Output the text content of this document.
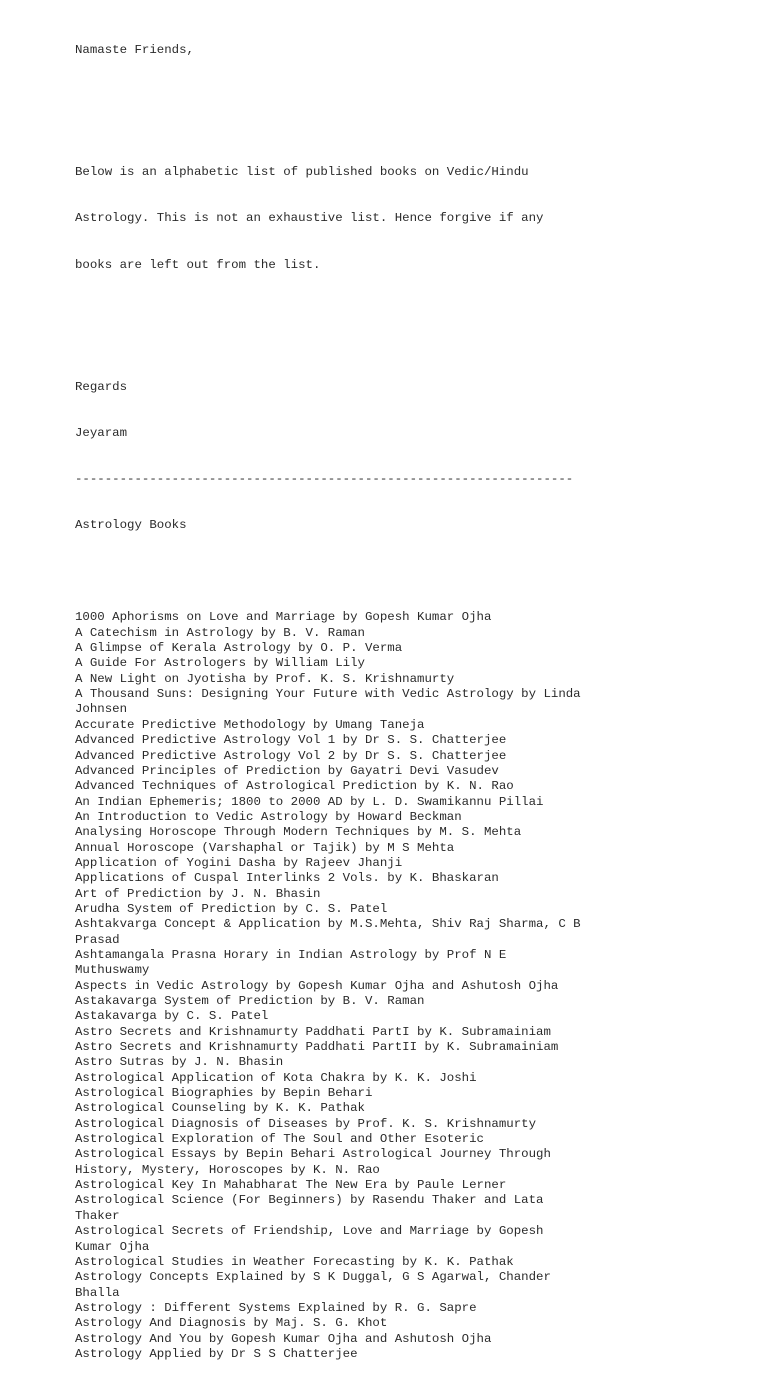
Namaste Friends,

Below is an alphabetic list of published books on Vedic/Hindu

Astrology. This is not an exhaustive list. Hence forgive if any

books are left out from the list.

Regards

Jeyaram

-------------------------------------------------------------------

Astrology Books

1000 Aphorisms on Love and Marriage by Gopesh Kumar Ojha
A Catechism in Astrology by B. V. Raman
A Glimpse of Kerala Astrology by O. P. Verma
A Guide For Astrologers by William Lily
A New Light on Jyotisha by Prof. K. S. Krishnamurty
A Thousand Suns: Designing Your Future with Vedic Astrology by Linda
Johnsen
Accurate Predictive Methodology by Umang Taneja
Advanced Predictive Astrology Vol 1 by Dr S. S. Chatterjee
Advanced Predictive Astrology Vol 2 by Dr S. S. Chatterjee
Advanced Principles of Prediction by Gayatri Devi Vasudev
Advanced Techniques of Astrological Prediction by K. N. Rao
An Indian Ephemeris; 1800 to 2000 AD by L. D. Swamikannu Pillai
An Introduction to Vedic Astrology by Howard Beckman
Analysing Horoscope Through Modern Techniques by M. S. Mehta
Annual Horoscope (Varshaphal or Tajik) by M S Mehta
Application of Yogini Dasha by Rajeev Jhanji
Applications of Cuspal Interlinks 2 Vols. by K. Bhaskaran
Art of Prediction by J. N. Bhasin
Arudha System of Prediction by C. S. Patel
Ashtakvarga Concept & Application by M.S.Mehta, Shiv Raj Sharma, C B
Prasad
Ashtamangala Prasna Horary in Indian Astrology by Prof N E
Muthuswamy
Aspects in Vedic Astrology by Gopesh Kumar Ojha and Ashutosh Ojha
Astakavarga System of Prediction by B. V. Raman
Astakavarga by C. S. Patel
Astro Secrets and Krishnamurty Paddhati PartI by K. Subramainiam
Astro Secrets and Krishnamurty Paddhati PartII by K. Subramainiam
Astro Sutras by J. N. Bhasin
Astrological Application of Kota Chakra by K. K. Joshi
Astrological Biographies by Bepin Behari
Astrological Counseling by K. K. Pathak
Astrological Diagnosis of Diseases by Prof. K. S. Krishnamurty
Astrological Exploration of The Soul and Other Esoteric
Astrological Essays by Bepin Behari Astrological Journey Through
History, Mystery, Horoscopes by K. N. Rao
Astrological Key In Mahabharat The New Era by Paule Lerner
Astrological Science (For Beginners) by Rasendu Thaker and Lata
Thaker
Astrological Secrets of Friendship, Love and Marriage by Gopesh
Kumar Ojha
Astrological Studies in Weather Forecasting by K. K. Pathak
Astrology Concepts Explained by S K Duggal, G S Agarwal, Chander
Bhalla
Astrology : Different Systems Explained by R. G. Sapre
Astrology And Diagnosis by Maj. S. G. Khot
Astrology And You by Gopesh Kumar Ojha and Ashutosh Ojha
Astrology Applied by Dr S S Chatterjee
